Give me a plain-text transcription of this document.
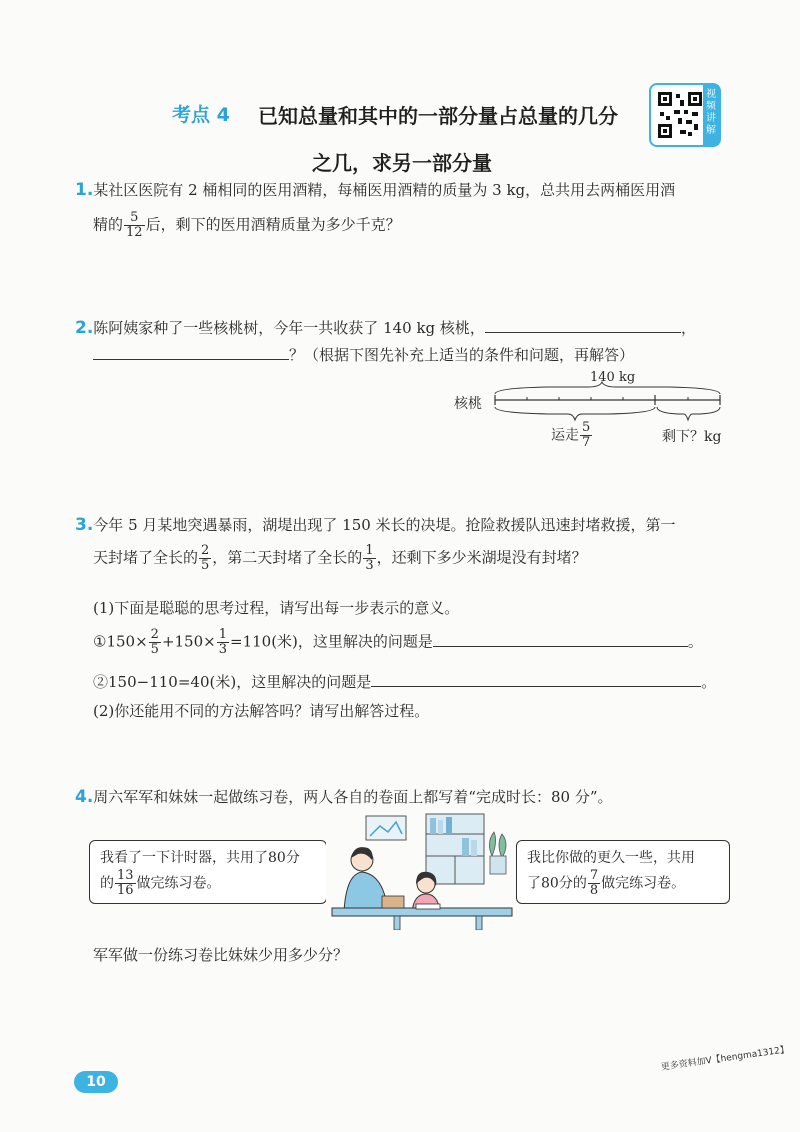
考点 4 已知总量和其中的一部分量占总量的几分
之几，求另一部分量
视频讲解
1.某社区医院有 2 桶相同的医用酒精，每桶医用酒精的质量为 3 kg，总共用去两桶医用酒
精的 $\frac{5}{12}$ 后，剩下的医用酒精质量为多少千克？
2.陈阿姨家种了一些核桃树，今年一共收获了 140 kg 核桃，	，
？（根据下图先补充上适当的条件和问题，再解答）
核桃
140 kg
运走 $\frac{5}{7}$	剩下？kg
3.今年 5 月某地突遇暴雨，湖堤出现了 150 米长的决堤。抢险救援队迅速封堵救援，第一
天封堵了全长的 $\frac{2}{5}$ ，第二天封堵了全长的 $\frac{1}{3}$ ，还剩下多少米湖堤没有封堵？
(1)下面是聪聪的思考过程，请写出每一步表示的意义。
①150× $\frac{2}{5} +150\times \frac{1}{3} =110$(米)，这里解决的问题是	。
②150−110=40(米)，这里解决的问题是	。
(2)你还能用不同的方法解答吗？请写出解答过程。
4.周六军军和妹妹一起做练习卷，两人各自的卷面上都写着“完成时长：80 分”。
我看了一下计时器，共用了80分
的 $\frac{13}{16}$ 做完练习卷。
我比你做的更久一些，共用
了80分的 $\frac{7}{8}$ 做完练习卷。
军军做一份练习卷比妹妹少用多少分？
10
更多资料加V【hengma1312】
